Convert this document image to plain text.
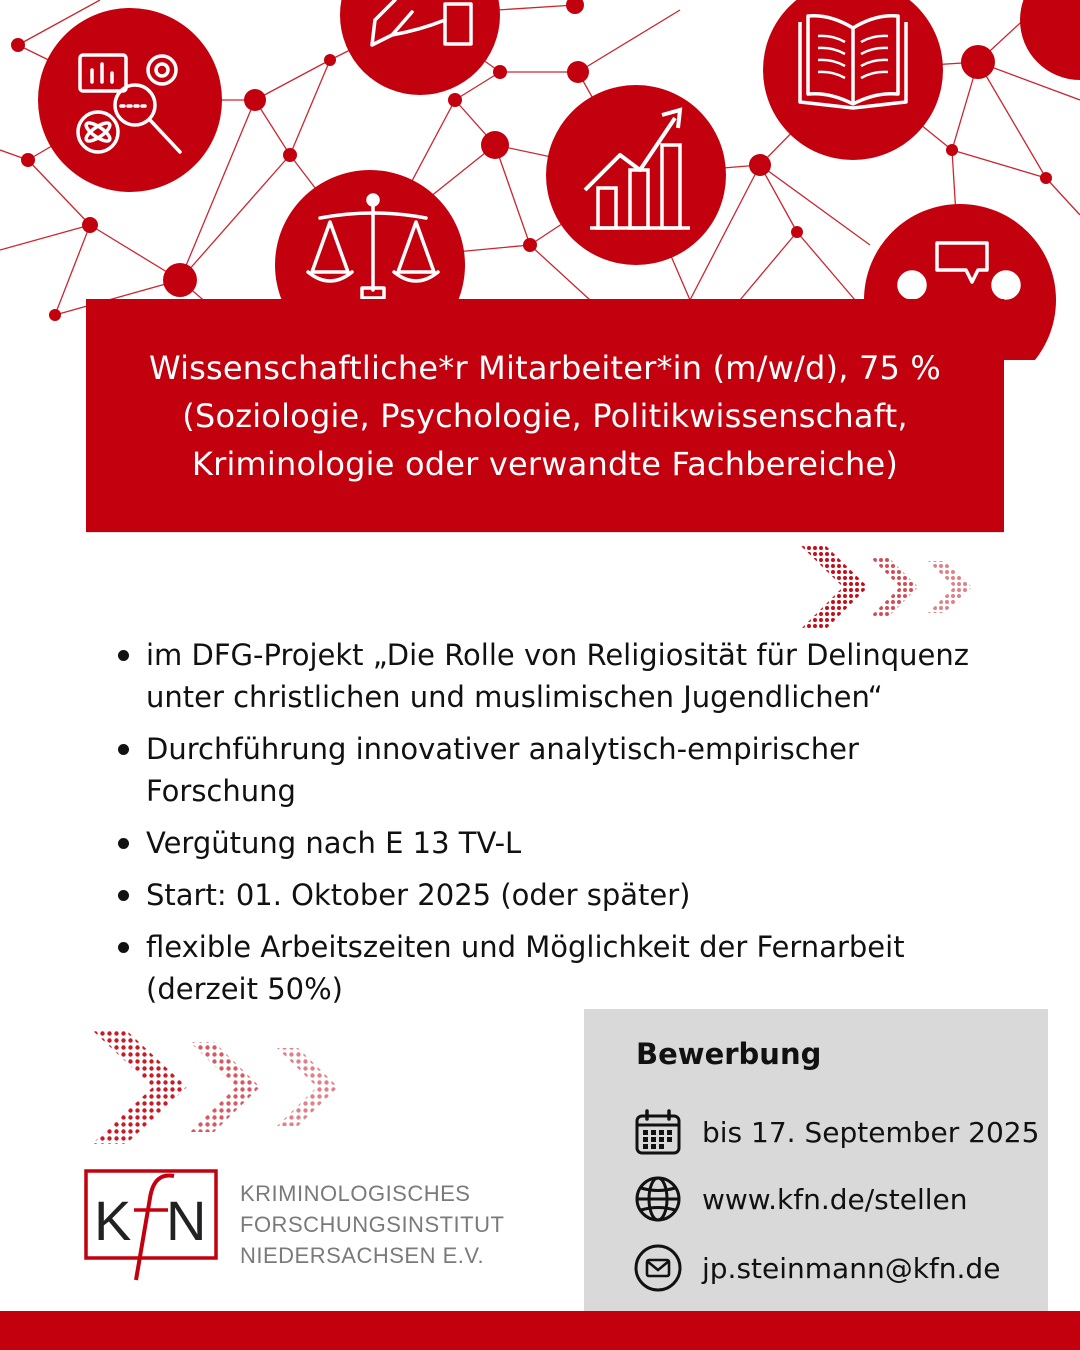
Wissenschaftliche*r Mitarbeiter*in (m/w/d), 75 %
(Soziologie, Psychologie, Politikwissenschaft,
Kriminologie oder verwandte Fachbereiche)

im DFG-Projekt „Die Rolle von Religiosität für Delinquenz unter christlichen und muslimischen Jugendlichen“
Durchführung innovativer analytisch-empirischer Forschung
Vergütung nach E 13 TV-L
Start: 01. Oktober 2025 (oder später)
flexible Arbeitszeiten und Möglichkeit der Fernarbeit (derzeit 50%)
K N KRIMINOLOGISCHES
FORSCHUNGSINSTITUT
NIEDERSACHSEN E.V.
Bewerbung
bis 17. September 2025
www.kfn.de/stellen
jp.steinmann@kfn.de
